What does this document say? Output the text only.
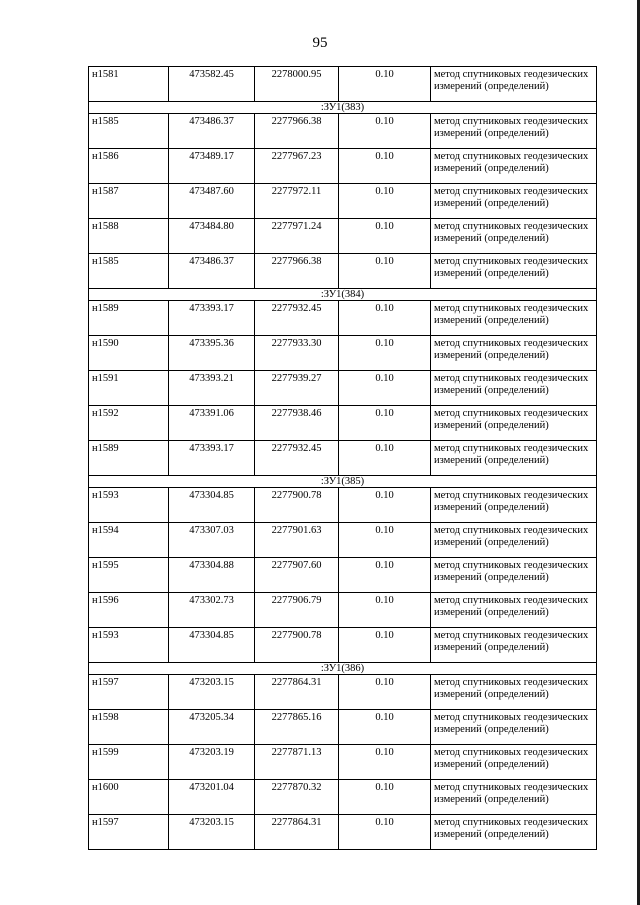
95
н1581	473582.45	2278000.95	0.10	метод спутниковых геодезических измерений (определений)
:ЗУ1(383)				
н1585	473486.37	2277966.38	0.10	метод спутниковых геодезических измерений (определений)
н1586	473489.17	2277967.23	0.10	метод спутниковых геодезических измерений (определений)
н1587	473487.60	2277972.11	0.10	метод спутниковых геодезических измерений (определений)
н1588	473484.80	2277971.24	0.10	метод спутниковых геодезических измерений (определений)
н1585	473486.37	2277966.38	0.10	метод спутниковых геодезических измерений (определений)
:ЗУ1(384)				
н1589	473393.17	2277932.45	0.10	метод спутниковых геодезических измерений (определений)
н1590	473395.36	2277933.30	0.10	метод спутниковых геодезических измерений (определений)
н1591	473393.21	2277939.27	0.10	метод спутниковых геодезических измерений (определений)
н1592	473391.06	2277938.46	0.10	метод спутниковых геодезических измерений (определений)
н1589	473393.17	2277932.45	0.10	метод спутниковых геодезических измерений (определений)
:ЗУ1(385)				
н1593	473304.85	2277900.78	0.10	метод спутниковых геодезических измерений (определений)
н1594	473307.03	2277901.63	0.10	метод спутниковых геодезических измерений (определений)
н1595	473304.88	2277907.60	0.10	метод спутниковых геодезических измерений (определений)
н1596	473302.73	2277906.79	0.10	метод спутниковых геодезических измерений (определений)
н1593	473304.85	2277900.78	0.10	метод спутниковых геодезических измерений (определений)
:ЗУ1(386)				
н1597	473203.15	2277864.31	0.10	метод спутниковых геодезических измерений (определений)
н1598	473205.34	2277865.16	0.10	метод спутниковых геодезических измерений (определений)
н1599	473203.19	2277871.13	0.10	метод спутниковых геодезических измерений (определений)
н1600	473201.04	2277870.32	0.10	метод спутниковых геодезических измерений (определений)
н1597	473203.15	2277864.31	0.10	метод спутниковых геодезических измерений (определений)
